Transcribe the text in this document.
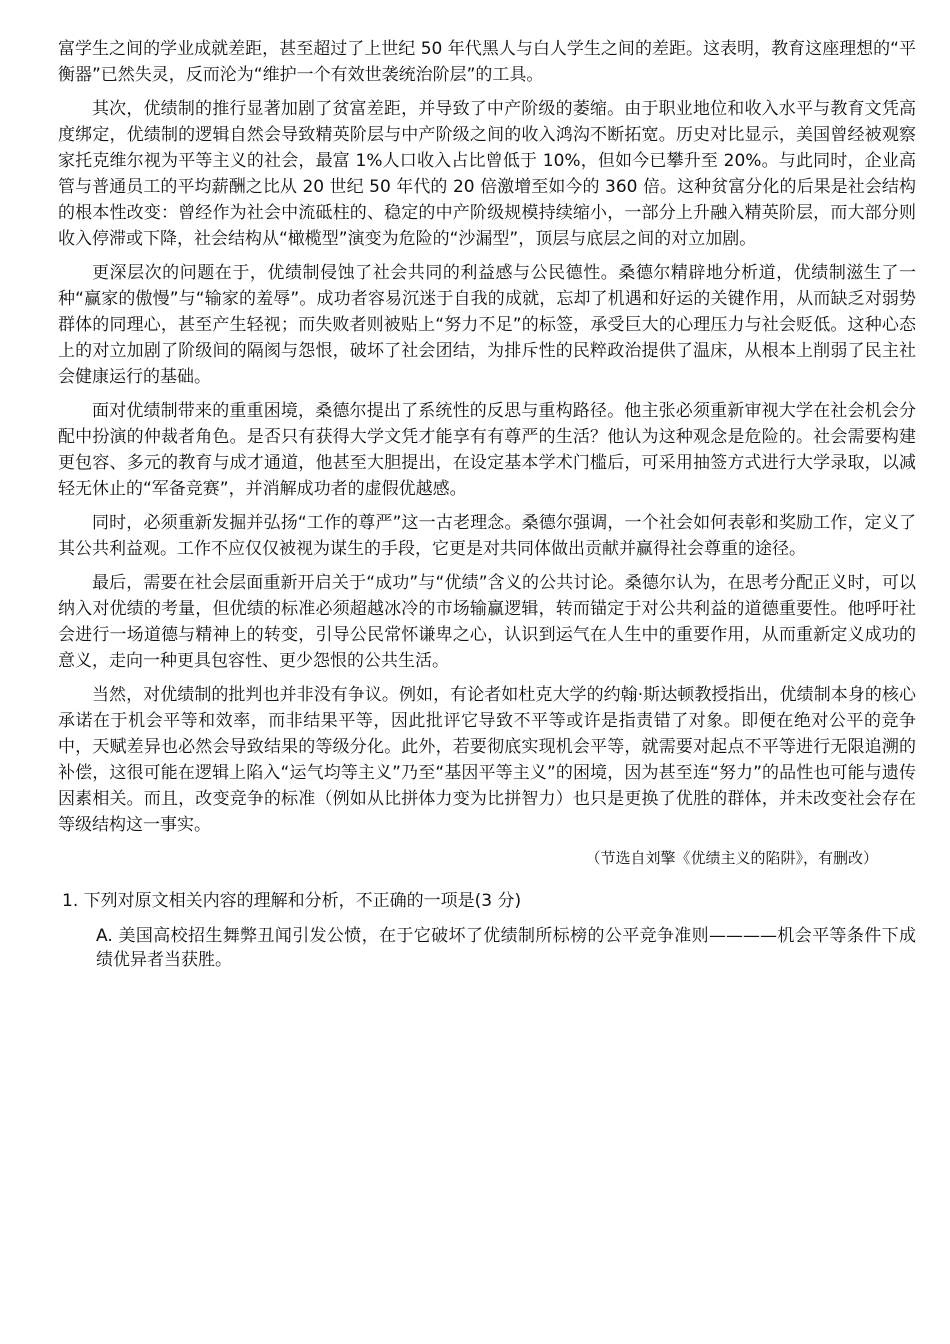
富学生之间的学业成就差距，甚至超过了上世纪 50 年代黑人与白人学生之间的差距。这表明，教育这座理想的“平衡器”已然失灵，反而沦为“维护一个有效世袭统治阶层”的工具。

其次，优绩制的推行显著加剧了贫富差距，并导致了中产阶级的萎缩。由于职业地位和收入水平与教育文凭高度绑定，优绩制的逻辑自然会导致精英阶层与中产阶级之间的收入鸿沟不断拓宽。历史对比显示，美国曾经被观察家托克维尔视为平等主义的社会，最富 1%人口收入占比曾低于 10%，但如今已攀升至 20%。与此同时，企业高管与普通员工的平均薪酬之比从 20 世纪 50 年代的 20 倍激增至如今的 360 倍。这种贫富分化的后果是社会结构的根本性改变：曾经作为社会中流砥柱的、稳定的中产阶级规模持续缩小，一部分上升融入精英阶层，而大部分则收入停滞或下降，社会结构从“橄榄型”演变为危险的“沙漏型”，顶层与底层之间的对立加剧。

更深层次的问题在于，优绩制侵蚀了社会共同的利益感与公民德性。桑德尔精辟地分析道，优绩制滋生了一种“赢家的傲慢”与“输家的羞辱”。成功者容易沉迷于自我的成就，忘却了机遇和好运的关键作用，从而缺乏对弱势群体的同理心，甚至产生轻视；而失败者则被贴上“努力不足”的标签，承受巨大的心理压力与社会贬低。这种心态上的对立加剧了阶级间的隔阂与怨恨，破坏了社会团结，为排斥性的民粹政治提供了温床，从根本上削弱了民主社会健康运行的基础。

面对优绩制带来的重重困境，桑德尔提出了系统性的反思与重构路径。他主张必须重新审视大学在社会机会分配中扮演的仲裁者角色。是否只有获得大学文凭才能享有有尊严的生活？他认为这种观念是危险的。社会需要构建更包容、多元的教育与成才通道，他甚至大胆提出，在设定基本学术门槛后，可采用抽签方式进行大学录取，以减轻无休止的“军备竞赛”，并消解成功者的虚假优越感。

同时，必须重新发掘并弘扬“工作的尊严”这一古老理念。桑德尔强调，一个社会如何表彰和奖励工作，定义了其公共利益观。工作不应仅仅被视为谋生的手段，它更是对共同体做出贡献并赢得社会尊重的途径。

最后，需要在社会层面重新开启关于“成功”与“优绩”含义的公共讨论。桑德尔认为，在思考分配正义时，可以纳入对优绩的考量，但优绩的标准必须超越冰冷的市场输赢逻辑，转而锚定于对公共利益的道德重要性。他呼吁社会进行一场道德与精神上的转变，引导公民常怀谦卑之心，认识到运气在人生中的重要作用，从而重新定义成功的意义，走向一种更具包容性、更少怨恨的公共生活。

当然，对优绩制的批判也并非没有争议。例如，有论者如杜克大学的约翰·斯达顿教授指出，优绩制本身的核心承诺在于机会平等和效率，而非结果平等，因此批评它导致不平等或许是指责错了对象。即便在绝对公平的竞争中，天赋差异也必然会导致结果的等级分化。此外，若要彻底实现机会平等，就需要对起点不平等进行无限追溯的补偿，这很可能在逻辑上陷入“运气均等主义”乃至“基因平等主义”的困境，因为甚至连“努力”的品性也可能与遗传因素相关。而且，改变竞争的标准（例如从比拼体力变为比拼智力）也只是更换了优胜的群体，并未改变社会存在等级结构这一事实。

（节选自刘擎《优绩主义的陷阱》，有删改）
1. 下列对原文相关内容的理解和分析，不正确的一项是(3 分)
A. 美国高校招生舞弊丑闻引发公愤，在于它破坏了优绩制所标榜的公平竞争准则————机会平等条件下成绩优异者当获胜。
